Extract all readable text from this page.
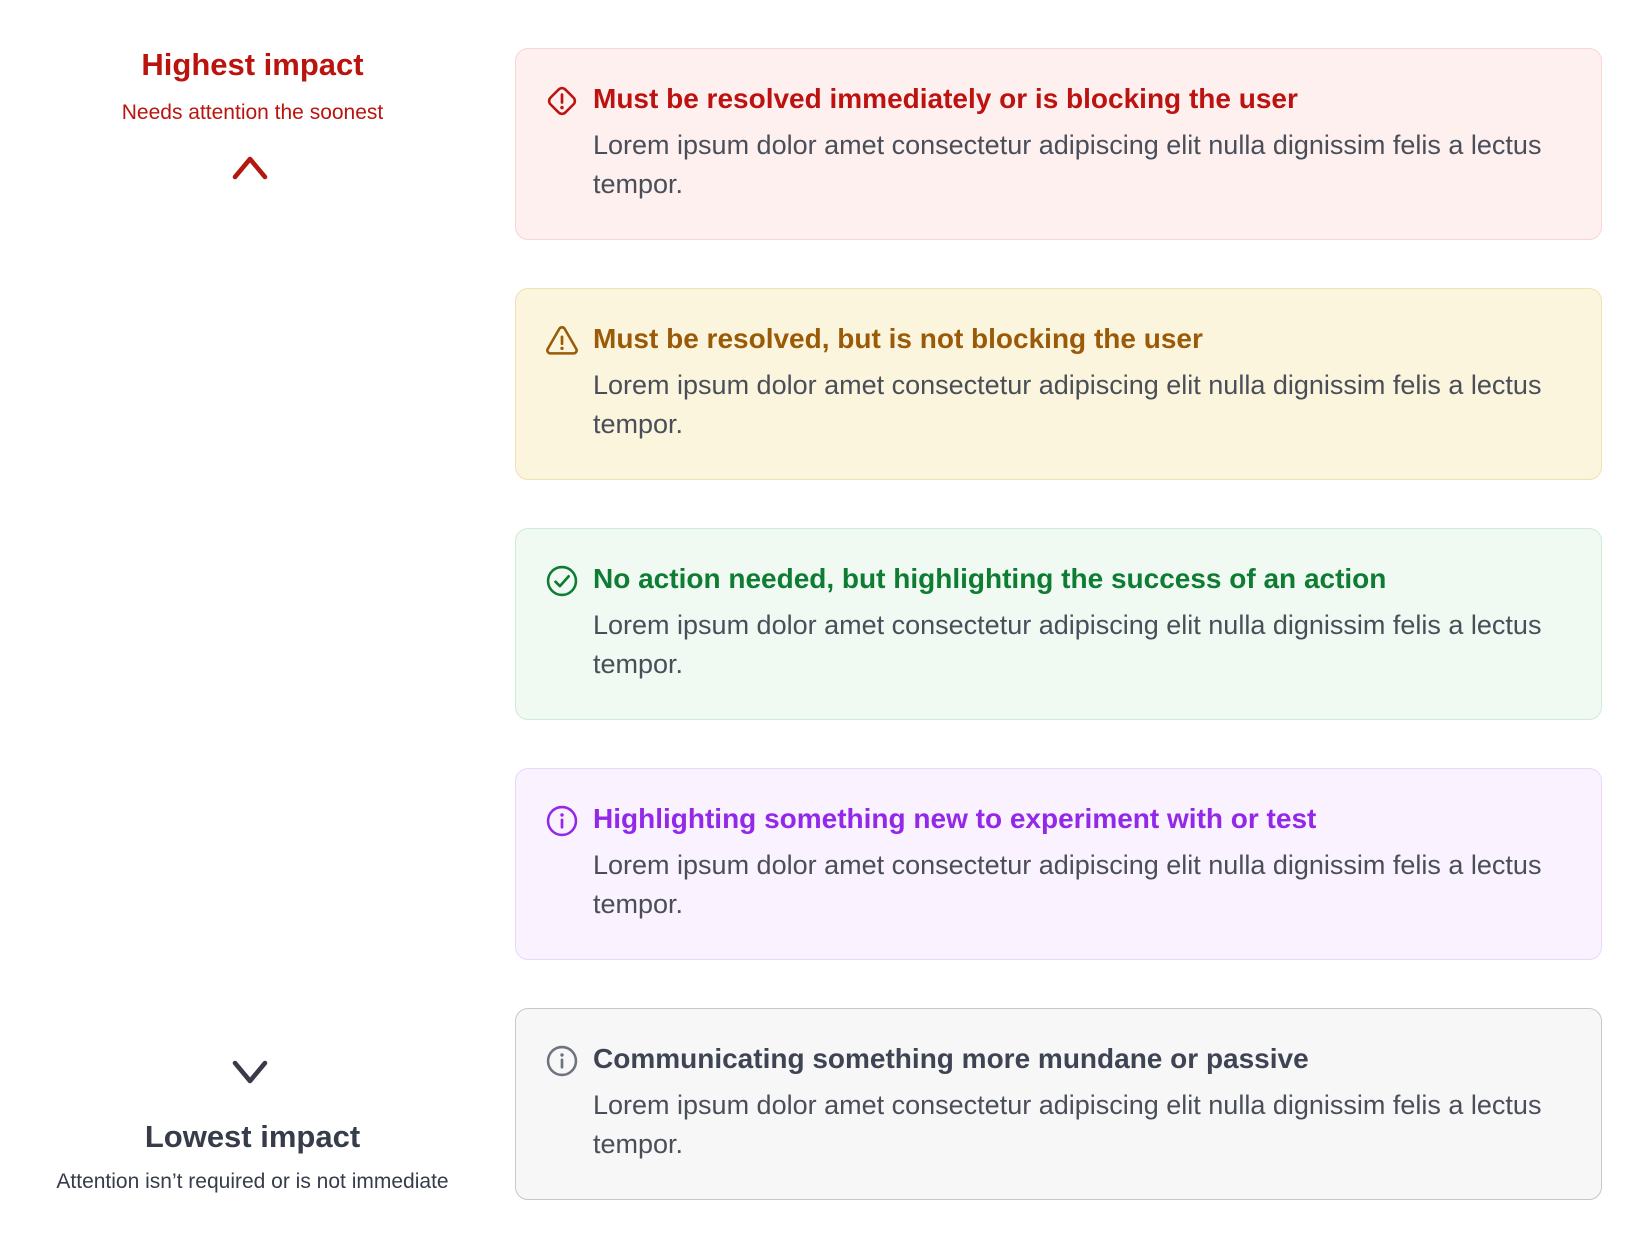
Highest impact
Needs attention the soonest
Lowest impact
Attention isn’t required or is not immediate
Must be resolved immediately or is blocking the user

Lorem ipsum dolor amet consectetur adipiscing elit nulla dignissim felis a lectus tempor.

Must be resolved, but is not blocking the user

Lorem ipsum dolor amet consectetur adipiscing elit nulla dignissim felis a lectus tempor.

No action needed, but highlighting the success of an action

Lorem ipsum dolor amet consectetur adipiscing elit nulla dignissim felis a lectus tempor.

Highlighting something new to experiment with or test

Lorem ipsum dolor amet consectetur adipiscing elit nulla dignissim felis a lectus tempor.

Communicating something more mundane or passive

Lorem ipsum dolor amet consectetur adipiscing elit nulla dignissim felis a lectus tempor.
